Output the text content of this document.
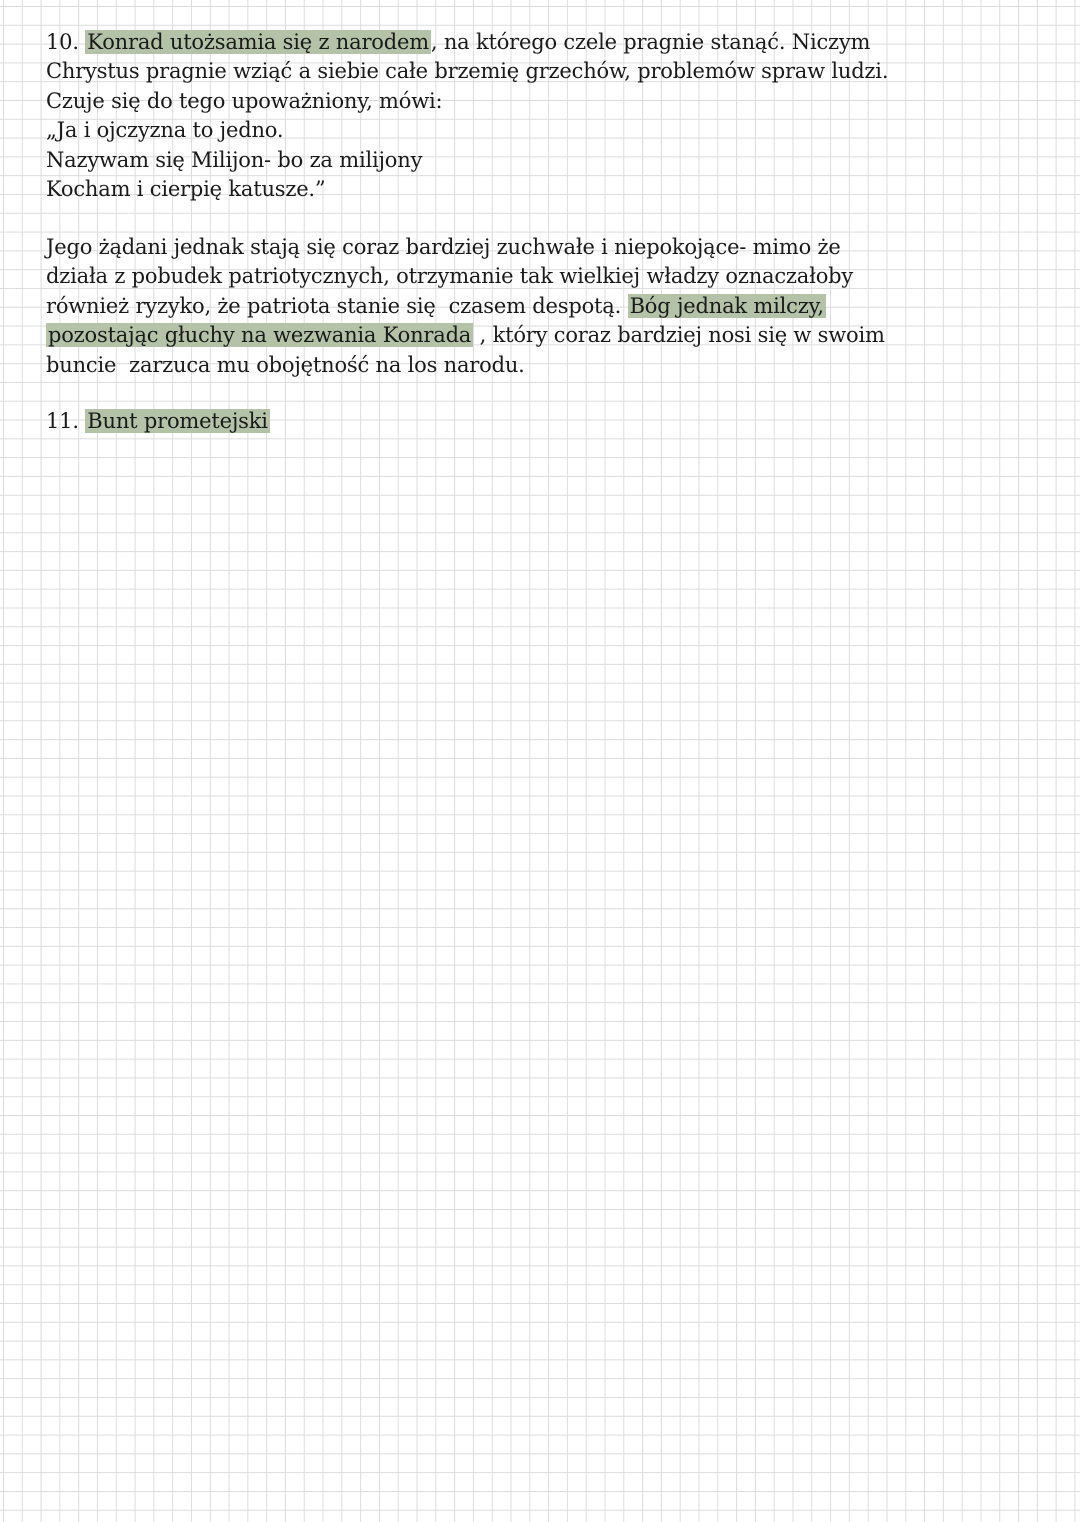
10. Konrad utożsamia się z narodem, na którego czele pragnie stanąć. Niczym
Chrystus pragnie wziąć a siebie całe brzemię grzechów, problemów spraw ludzi.
Czuje się do tego upoważniony, mówi:
„Ja i ojczyzna to jedno.
Nazywam się Milijon- bo za milijony
Kocham i cierpię katusze.”
Jego żądani jednak stają się coraz bardziej zuchwałe i niepokojące- mimo że
działa z pobudek patriotycznych, otrzymanie tak wielkiej władzy oznaczałoby
również ryzyko, że patriota stanie się  czasem despotą. Bóg jednak milczy,
pozostając głuchy na wezwania Konrada , który coraz bardziej nosi się w swoim
buncie  zarzuca mu obojętność na los narodu.
11. Bunt prometejski
